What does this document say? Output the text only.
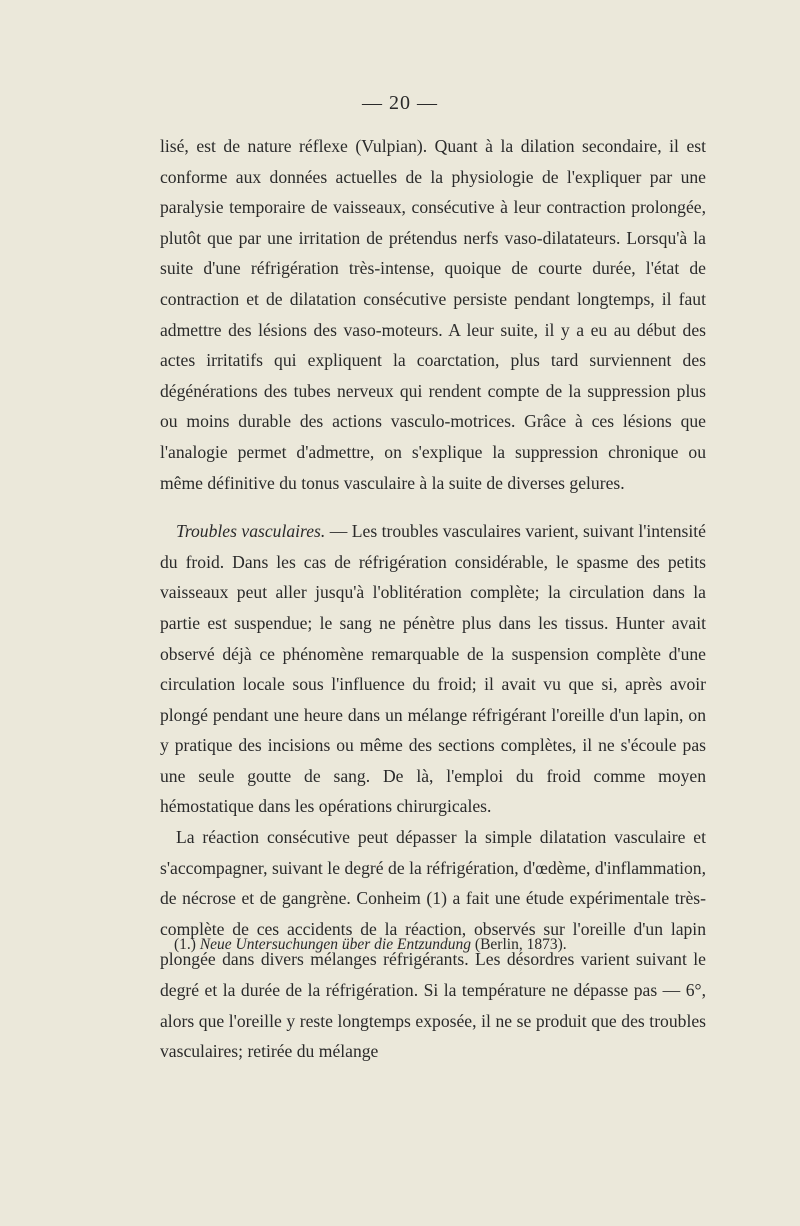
— 20 —

lisé, est de nature réflexe (Vulpian). Quant à la dilation secondaire, il est conforme aux données actuelles de la physiologie de l'expliquer par une paralysie temporaire de vaisseaux, consécutive à leur contraction prolongée, plutôt que par une irritation de prétendus nerfs vaso-dilatateurs. Lorsqu'à la suite d'une réfrigération très-intense, quoique de courte durée, l'état de contraction et de dilatation consécutive persiste pendant longtemps, il faut admettre des lésions des vaso-moteurs. A leur suite, il y a eu au début des actes irritatifs qui expliquent la coarctation, plus tard surviennent des dégénérations des tubes nerveux qui rendent compte de la suppression plus ou moins durable des actions vasculo-motrices. Grâce à ces lésions que l'analogie permet d'admettre, on s'explique la suppression chronique ou même définitive du tonus vasculaire à la suite de diverses gelures.

Troubles vasculaires. — Les troubles vasculaires varient, suivant l'intensité du froid. Dans les cas de réfrigération considérable, le spasme des petits vaisseaux peut aller jusqu'à l'oblitération complète; la circulation dans la partie est suspendue; le sang ne pénètre plus dans les tissus. Hunter avait observé déjà ce phénomène remarquable de la suspension complète d'une circulation locale sous l'influence du froid; il avait vu que si, après avoir plongé pendant une heure dans un mélange réfrigérant l'oreille d'un lapin, on y pratique des incisions ou même des sections complètes, il ne s'écoule pas une seule goutte de sang. De là, l'emploi du froid comme moyen hémostatique dans les opérations chirurgicales.

La réaction consécutive peut dépasser la simple dilatation vasculaire et s'accompagner, suivant le degré de la réfrigération, d'œdème, d'inflammation, de nécrose et de gangrène. Conheim (1) a fait une étude expérimentale très-complète de ces accidents de la réaction, observés sur l'oreille d'un lapin plongée dans divers mélanges réfrigérants. Les désordres varient suivant le degré et la durée de la réfrigération. Si la température ne dépasse pas — 6°, alors que l'oreille y reste longtemps exposée, il ne se produit que des troubles vasculaires; retirée du mélange

(1.) Neue Untersuchungen über die Entzundung (Berlin, 1873).
